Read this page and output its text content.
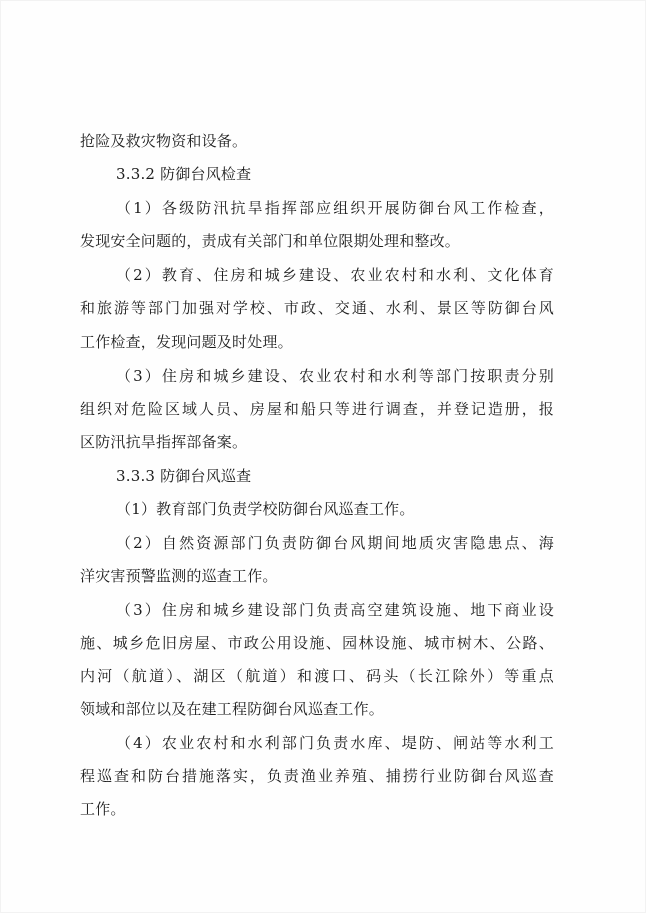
抢险及救灾物资和设备。
3.3.2 防御台风检查
（1）各级防汛抗旱指挥部应组织开展防御台风工作检查，
发现安全问题的，责成有关部门和单位限期处理和整改。
（2）教育、住房和城乡建设、农业农村和水利、文化体育
和旅游等部门加强对学校、市政、交通、水利、景区等防御台风
工作检查，发现问题及时处理。
（3）住房和城乡建设、农业农村和水利等部门按职责分别
组织对危险区域人员、房屋和船只等进行调查，并登记造册，报
区防汛抗旱指挥部备案。
3.3.3 防御台风巡查
（1）教育部门负责学校防御台风巡查工作。
（2）自然资源部门负责防御台风期间地质灾害隐患点、海
洋灾害预警监测的巡查工作。
（3）住房和城乡建设部门负责高空建筑设施、地下商业设
施、城乡危旧房屋、市政公用设施、园林设施、城市树木、公路、
内河（航道）、湖区（航道）和渡口、码头（长江除外）等重点
领域和部位以及在建工程防御台风巡查工作。
（4）农业农村和水利部门负责水库、堤防、闸站等水利工
程巡查和防台措施落实，负责渔业养殖、捕捞行业防御台风巡查
工作。
